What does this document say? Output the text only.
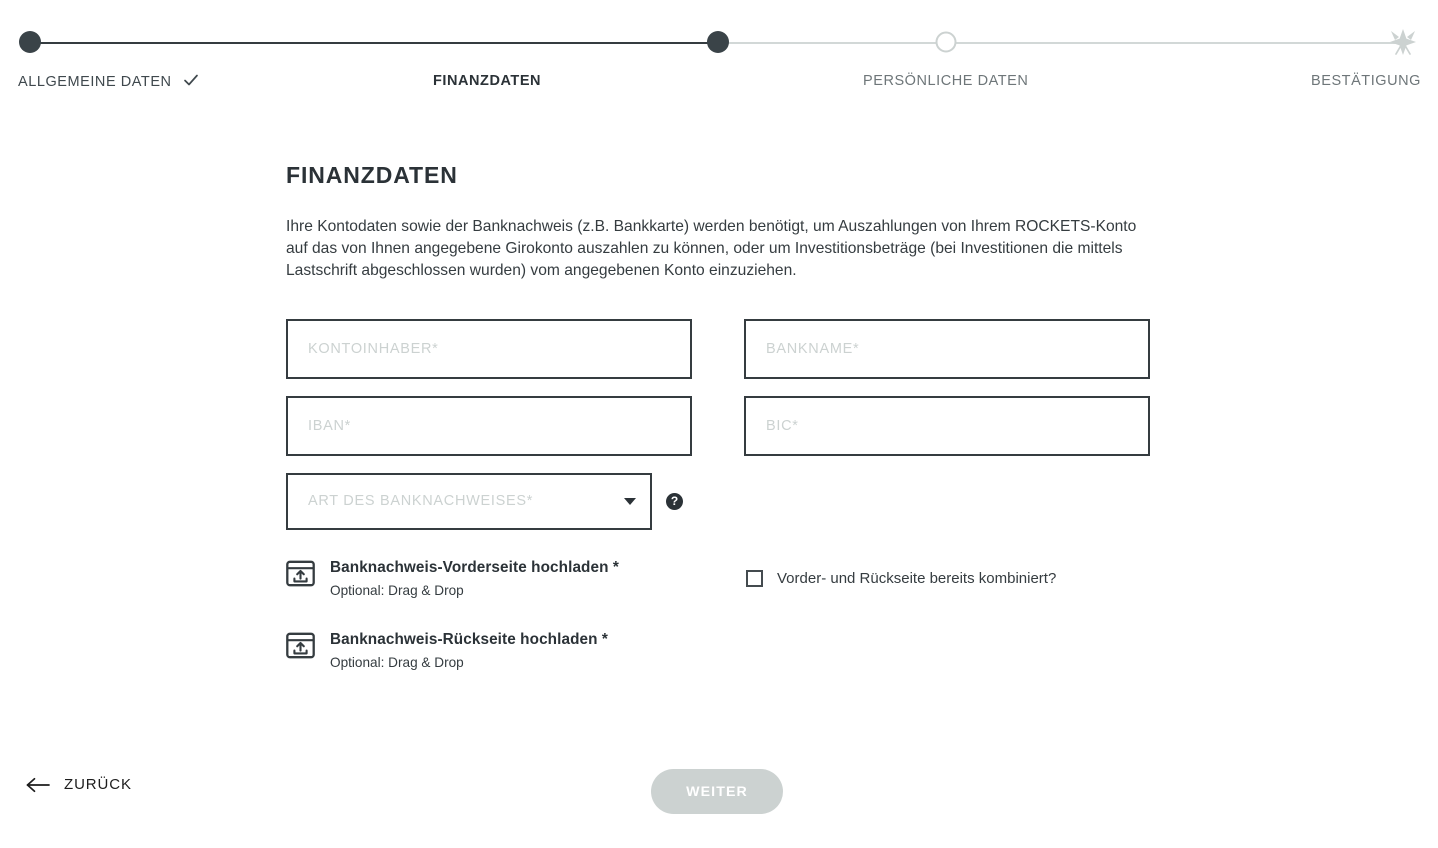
ALLGEMEINE DATEN	FINANZDATEN	PERSÖNLICHE DATEN	BESTÄTIGUNG
FINANZDATEN

Ihre Kontodaten sowie der Banknachweis (z.B. Bankkarte) werden benötigt, um Auszahlungen von Ihrem ROCKETS-Konto auf das von Ihnen angegebene Girokonto auszahlen zu können, oder um Investitionsbeträge (bei Investitionen die mittels Lastschrift abgeschlossen wurden) vom angegebenen Konto einzuziehen.

KONTOINHABER*
KONTOINHABER*	BANKNAME*
BANKNAME*
IBAN*
IBAN*	BIC*
BIC*
ART DES BANKNACHWEISES*	?
Banknachweis-Vorderseite hochladen *
Optional: Drag & Drop
Banknachweis-Rückseite hochladen *
Optional: Drag & Drop
Vorder- und Rückseite bereits kombiniert?
ZURÜCK	WEITER
